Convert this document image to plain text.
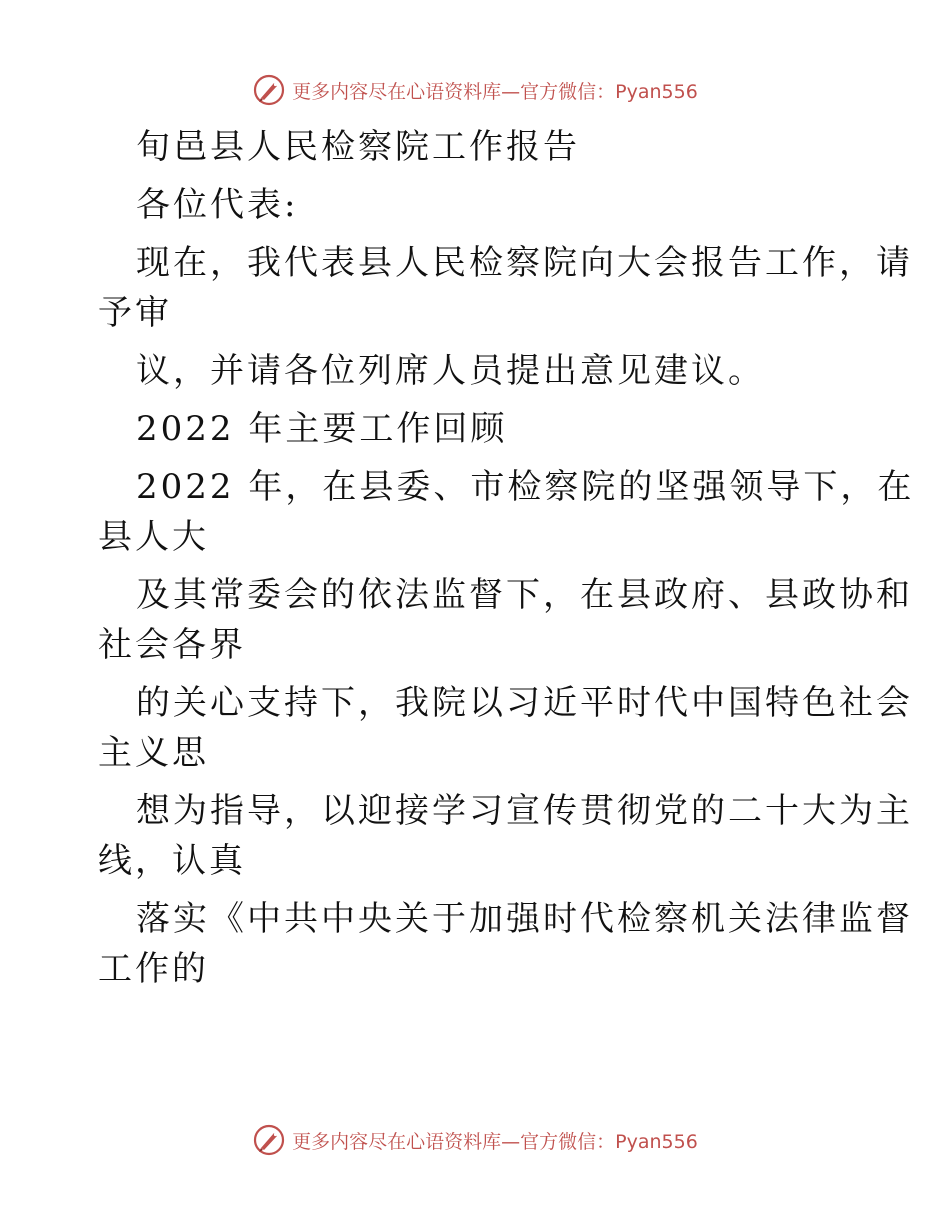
更多内容尽在心语资料库—官方微信：Pyan556
旬邑县人民检察院工作报告
各位代表:
现在，我代表县人民检察院向大会报告工作，请
予审
议，并请各位列席人员提出意见建议。
2022 年主要工作回顾
2022 年，在县委、市检察院的坚强领导下，在
县人大
及其常委会的依法监督下，在县政府、县政协和
社会各界
的关心支持下，我院以习近平时代中国特色社会
主义思
想为指导，以迎接学习宣传贯彻党的二十大为主
线，认真
落实《中共中央关于加强时代检察机关法律监督
工作的
更多内容尽在心语资料库—官方微信：Pyan556
